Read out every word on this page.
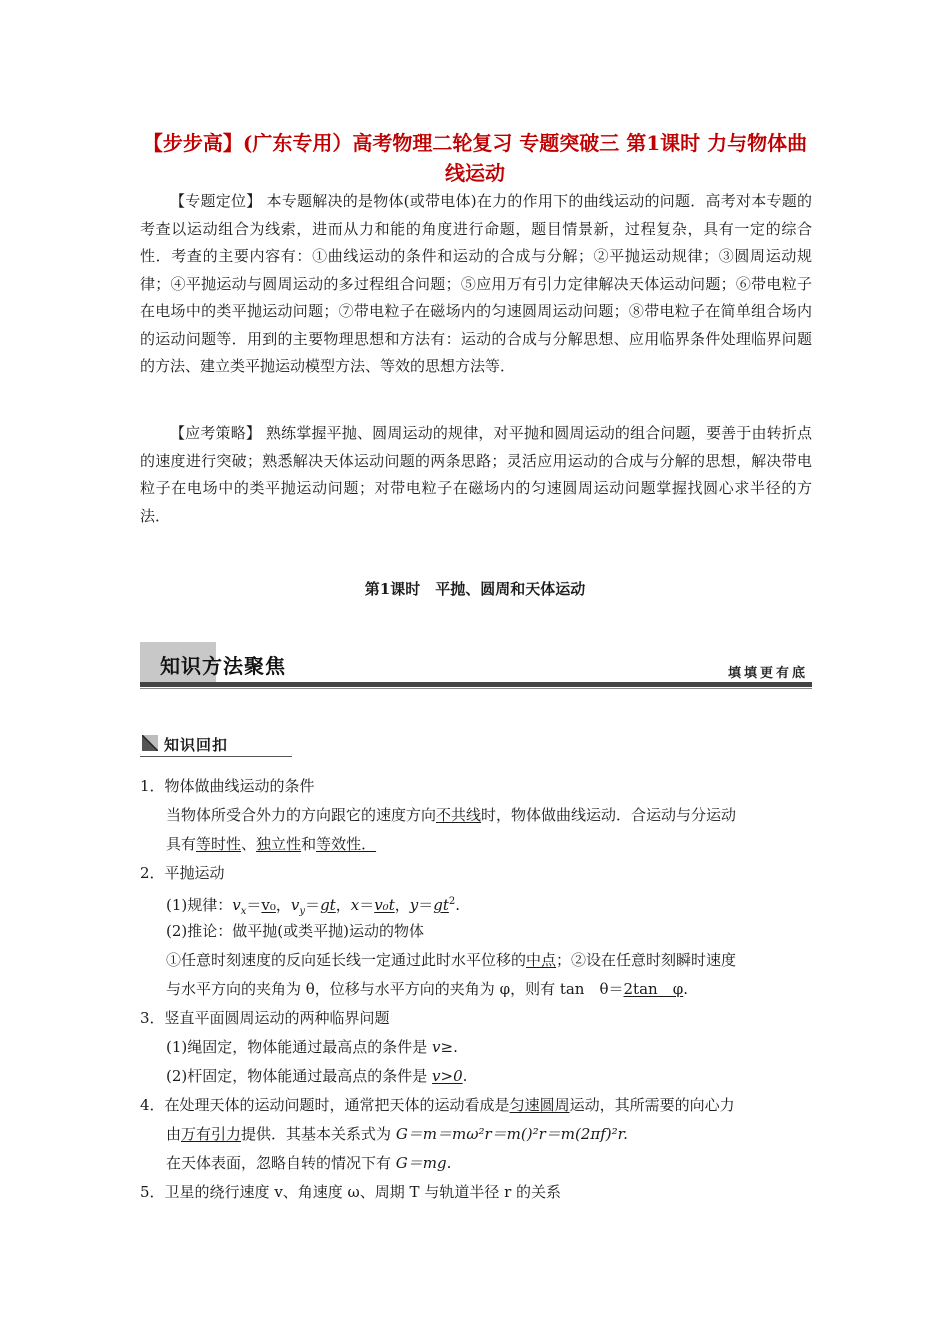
【步步高】(广东专用）高考物理二轮复习 专题突破三 第1课时 力与物体曲线运动
【专题定位】 本专题解决的是物体(或带电体)在力的作用下的曲线运动的问题．高考对本专题的考查以运动组合为线索，进而从力和能的角度进行命题，题目情景新，过程复杂，具有一定的综合性．考查的主要内容有：①曲线运动的条件和运动的合成与分解；②平抛运动规律；③圆周运动规律；④平抛运动与圆周运动的多过程组合问题；⑤应用万有引力定律解决天体运动问题；⑥带电粒子在电场中的类平抛运动问题；⑦带电粒子在磁场内的匀速圆周运动问题；⑧带电粒子在简单组合场内的运动问题等．用到的主要物理思想和方法有：运动的合成与分解思想、应用临界条件处理临界问题的方法、建立类平抛运动模型方法、等效的思想方法等．
【应考策略】 熟练掌握平抛、圆周运动的规律，对平抛和圆周运动的组合问题，要善于由转折点的速度进行突破；熟悉解决天体运动问题的两条思路；灵活应用运动的合成与分解的思想，解决带电粒子在电场中的类平抛运动问题；对带电粒子在磁场内的匀速圆周运动问题掌握找圆心求半径的方法．
第1课时　平抛、圆周和天体运动
知识方法聚焦	填填更有底
知识回扣
1．物体做曲线运动的条件
当物体所受合外力的方向跟它的速度方向不共线时，物体做曲线运动．合运动与分运动
具有等时性、独立性和等效性．
2．平抛运动
(1)规律：$v_x=v_0$，$v_y=gt$，x＝v₀t，$y=gt^2$.
(2)推论：做平抛(或类平抛)运动的物体
①任意时刻速度的反向延长线一定通过此时水平位移的中点；②设在任意时刻瞬时速度
与水平方向的夹角为 θ，位移与水平方向的夹角为 φ，则有 tan　θ＝2tan　φ.
3．竖直平面圆周运动的两种临界问题
(1)绳固定，物体能通过最高点的条件是 v≥.
(2)杆固定，物体能通过最高点的条件是 v>0.
4．在处理天体的运动问题时，通常把天体的运动看成是匀速圆周运动，其所需要的向心力
由万有引力提供．其基本关系式为 G＝m＝mω²r＝m()²r＝m(2πf)²r.
在天体表面，忽略自转的情况下有 G＝mg.
5．卫星的绕行速度 v、角速度 ω、周期 T 与轨道半径 r 的关系
